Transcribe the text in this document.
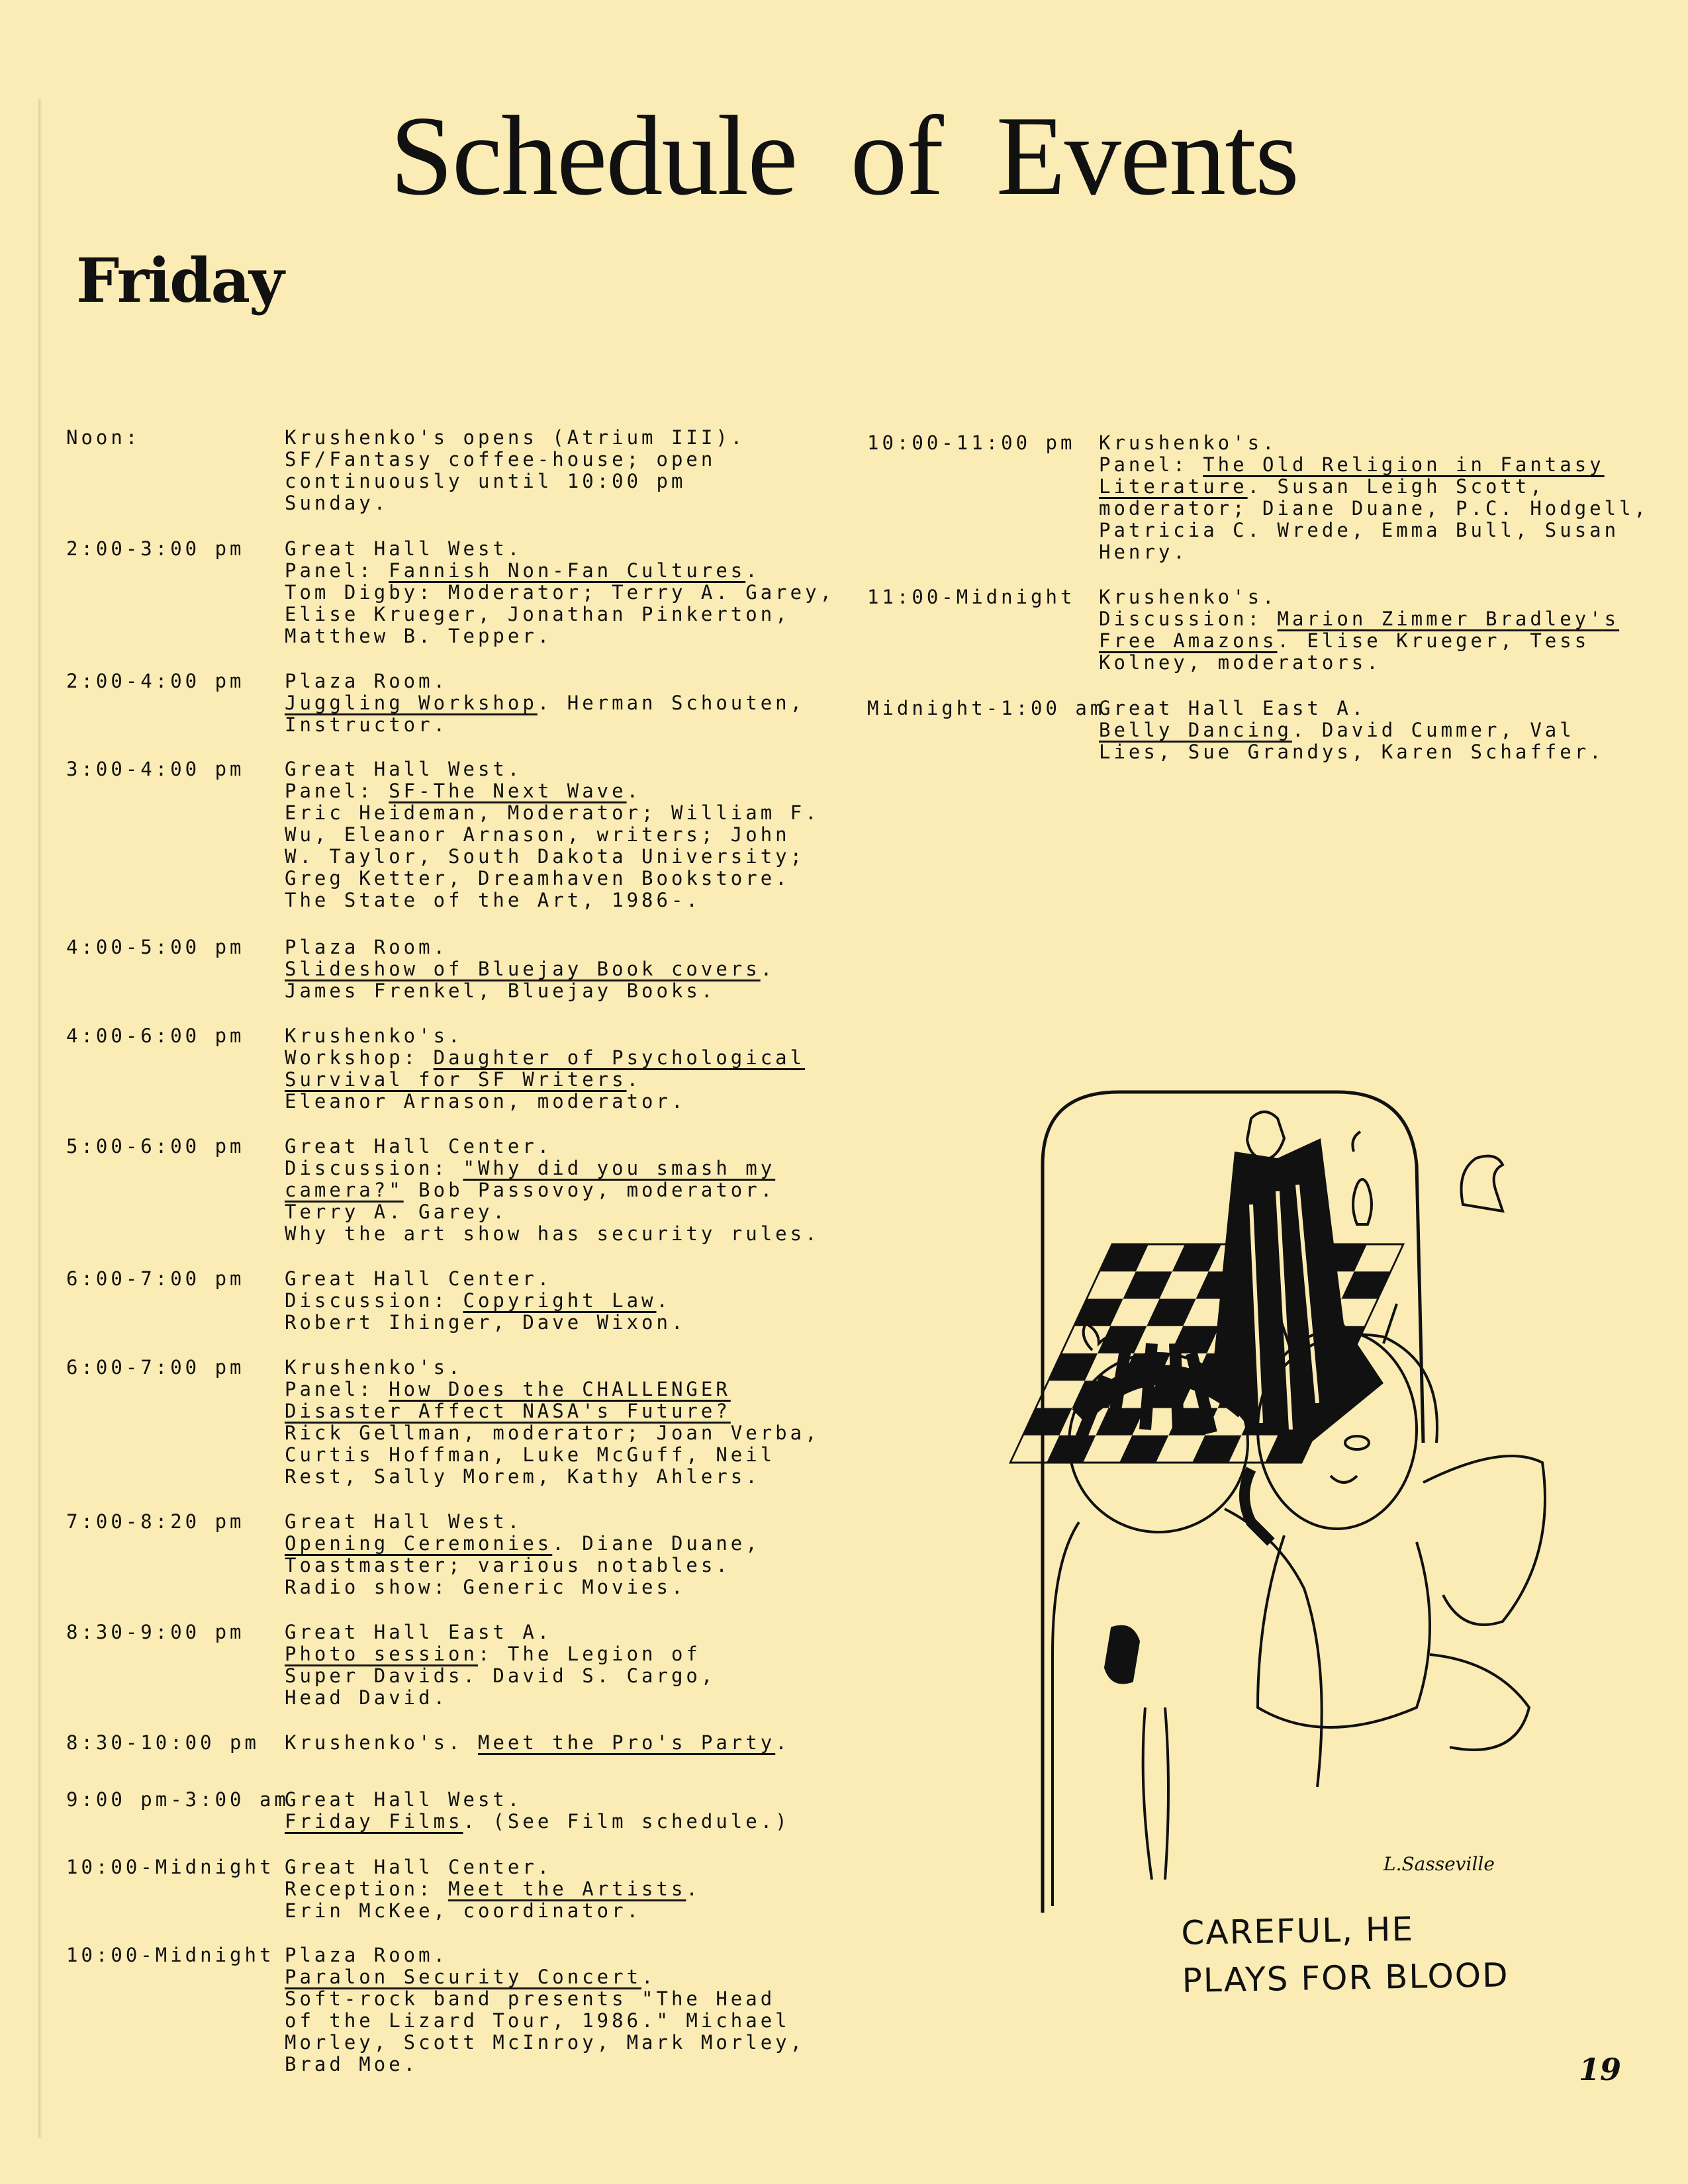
Schedule of Events
Friday
Noon:	Krushenko's opens (Atrium III).
SF/Fantasy coffee-house; open
continuously until 10:00 pm
Sunday.
2:00-3:00 pm Great Hall West.
Panel: Fannish Non-Fan Cultures.
Tom Digby: Moderator; Terry A. Garey,
Elise Krueger, Jonathan Pinkerton,
Matthew B. Tepper.
2:00-4:00 pm Plaza Room.
Juggling Workshop. Herman Schouten,
Instructor.
3:00-4:00 pm Great Hall West.
Panel: SF-The Next Wave.
Eric Heideman, Moderator; William F.
Wu, Eleanor Arnason, writers; John
W. Taylor, South Dakota University;
Greg Ketter, Dreamhaven Bookstore.
The State of the Art, 1986-.
4:00-5:00 pm Plaza Room.
Slideshow of Bluejay Book covers.
James Frenkel, Bluejay Books.
4:00-6:00 pm Krushenko's.
Workshop: Daughter of Psychological
Survival for SF Writers.
Eleanor Arnason, moderator.
5:00-6:00 pm Great Hall Center.
Discussion: "Why did you smash my
camera?" Bob Passovoy, moderator.
Terry A. Garey.
Why the art show has security rules.
6:00-7:00 pm Great Hall Center.
Discussion: Copyright Law.
Robert Ihinger, Dave Wixon.
6:00-7:00 pm Krushenko's.
Panel: How Does the CHALLENGER
Disaster Affect NASA's Future?
Rick Gellman, moderator; Joan Verba,
Curtis Hoffman, Luke McGuff, Neil
Rest, Sally Morem, Kathy Ahlers.
7:00-8:20 pm Great Hall West.
Opening Ceremonies. Diane Duane,
Toastmaster; various notables.
Radio show: Generic Movies.
8:30-9:00 pm Great Hall East A.
Photo session: The Legion of
Super Davids. David S. Cargo,
Head David.
8:30-10:00 pm Krushenko's. Meet the Pro's Party.
9:00 pm-3:00 am
Great Hall West.
Friday Films. (See Film schedule.)
10:00-Midnight Great Hall Center.
Reception: Meet the Artists.
Erin McKee, coordinator.
10:00-Midnight Plaza Room.
Paralon Security Concert.
Soft-rock band presents "The Head
of the Lizard Tour, 1986." Michael
Morley, Scott McInroy, Mark Morley,
Brad Moe.
10:00-11:00 pm Krushenko's.
Panel: The Old Religion in Fantasy
Literature. Susan Leigh Scott,
moderator; Diane Duane, P.C. Hodgell,
Patricia C. Wrede, Emma Bull, Susan
Henry.
11:00-Midnight Krushenko's.
Discussion: Marion Zimmer Bradley's
Free Amazons. Elise Krueger, Tess
Kolney, moderators.
Midnight-1:00 am
Great Hall East A.
Belly Dancing. David Cummer, Val
Lies, Sue Grandys, Karen Schaffer.
L.Sasseville
CAREFUL, HE
PLAYS FOR BLOOD
19
